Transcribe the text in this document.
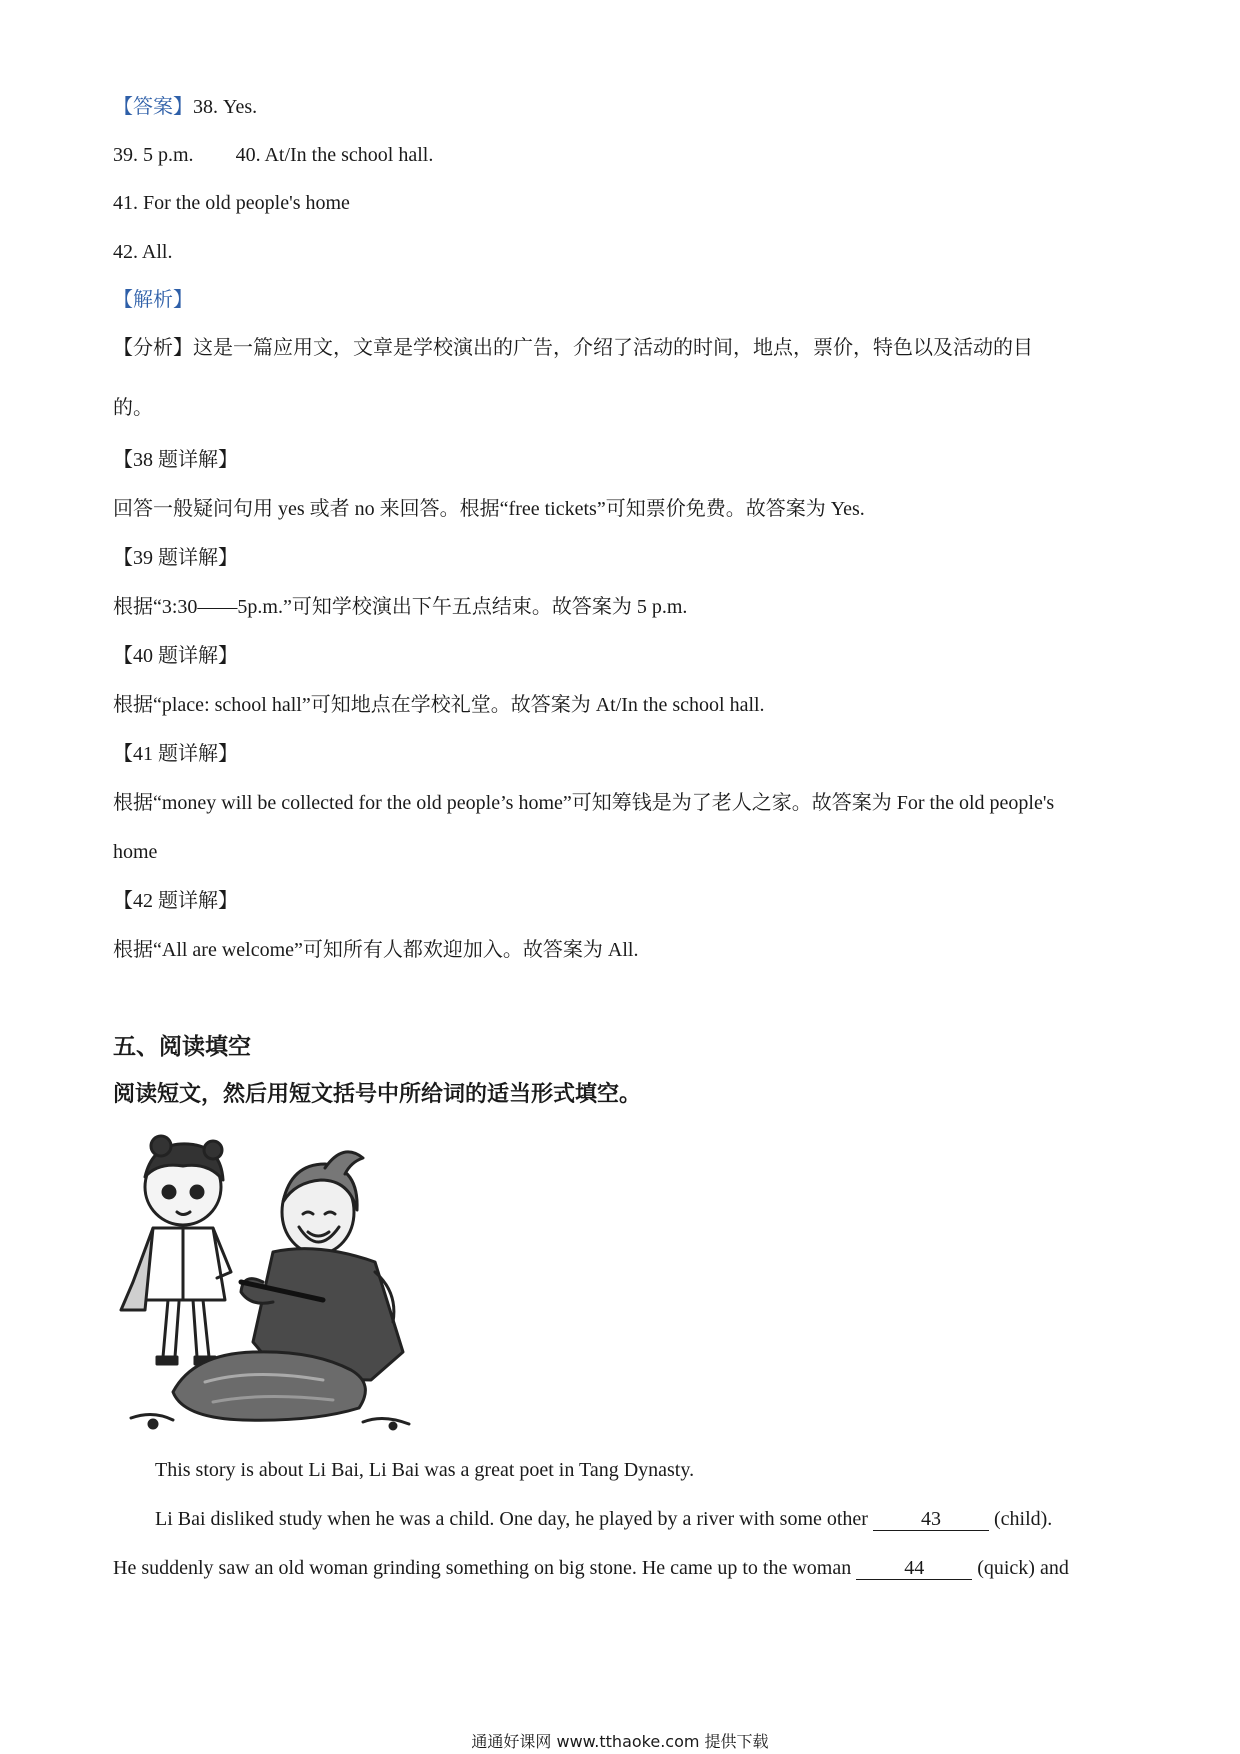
【答案】38. Yes.
39. 5 p.m. 40. At/In the school hall.
41. For the old people's home
42. All.
【解析】
【分析】这是一篇应用文，文章是学校演出的广告，介绍了活动的时间，地点，票价，特色以及活动的目
的。
【38 题详解】
回答一般疑问句用 yes 或者 no 来回答。根据“free tickets”可知票价免费。故答案为 Yes.
【39 题详解】
根据“3:30——5p.m.”可知学校演出下午五点结束。故答案为 5 p.m.
【40 题详解】
根据“place: school hall”可知地点在学校礼堂。故答案为 At/In the school hall.
【41 题详解】
根据“money will be collected for the old people’s home”可知筹钱是为了老人之家。故答案为 For the old people's
home
【42 题详解】
根据“All are welcome”可知所有人都欢迎加入。故答案为 All.
五、阅读填空
阅读短文，然后用短文括号中所给词的适当形式填空。
This story is about Li Bai, Li Bai was a great poet in Tang Dynasty.
Li Bai disliked study when he was a child. One day, he played by a river with some other	43	(child).
He suddenly saw an old woman grinding something on big stone. He came up to the woman	44	(quick) and
通通好课网 www.tthaoke.com 提供下载
